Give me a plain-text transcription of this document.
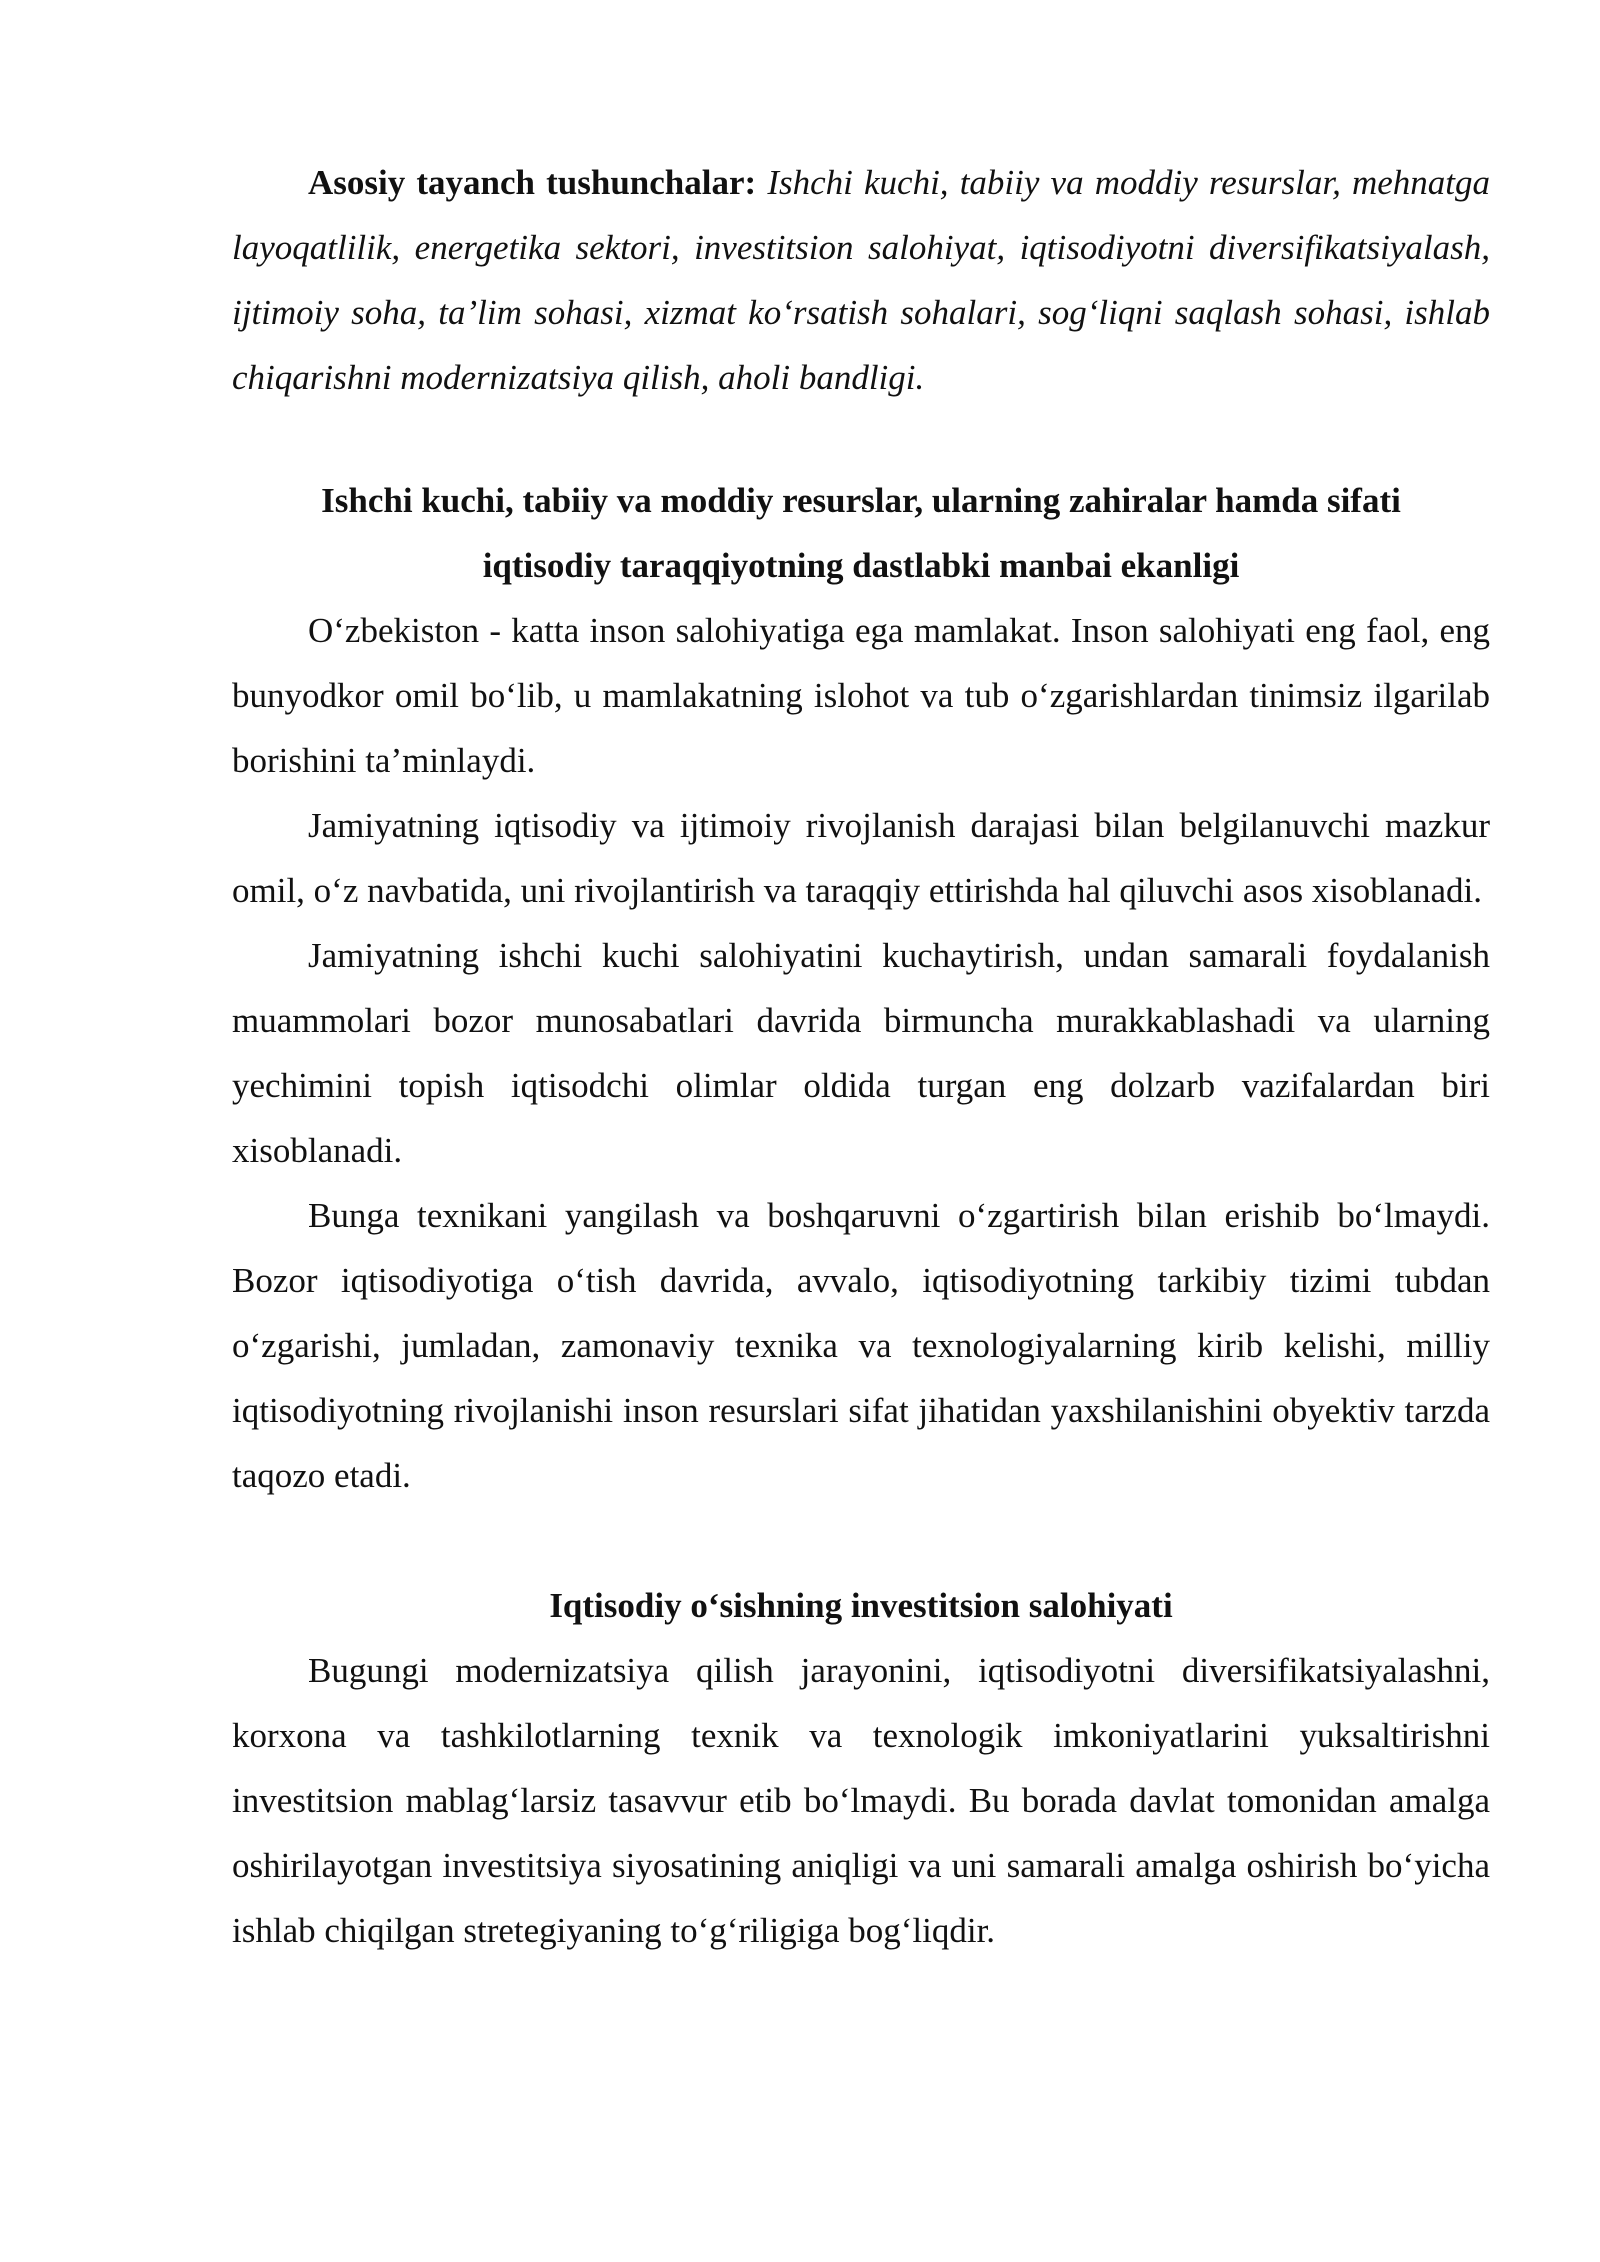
Asosiy tayanch tushunchalar: Ishchi kuchi, tabiiy va moddiy resurslar, mehnatga layoqatlilik, energetika sektori, investitsion salohiyat, iqtisodiyotni diversifikatsiyalash, ijtimoiy soha, ta’lim sohasi, xizmat ko‘rsatish sohalari, sog‘liqni saqlash sohasi, ishlab chiqarishni modernizatsiya qilish, aholi bandligi.

Ishchi kuchi, tabiiy va moddiy resurslar, ularning zahiralar hamda sifati
iqtisodiy taraqqiyotning dastlabki manbai ekanligi

O‘zbekiston - katta inson salohiyatiga ega mamlakat. Inson salohiyati eng faol, eng bunyodkor omil bo‘lib, u mamlakatning islohot va tub o‘zgarishlardan tinimsiz ilgarilab borishini ta’minlaydi.

Jamiyatning iqtisodiy va ijtimoiy rivojlanish darajasi bilan belgilanuvchi mazkur omil, o‘z navbatida, uni rivojlantirish va taraqqiy ettirishda hal qiluvchi asos xisoblanadi.

Jamiyatning ishchi kuchi salohiyatini kuchaytirish, undan samarali foydalanish muammolari bozor munosabatlari davrida birmuncha murakkablashadi va ularning yechimini topish iqtisodchi olimlar oldida turgan eng dolzarb vazifalardan biri xisoblanadi.

Bunga texnikani yangilash va boshqaruvni o‘zgartirish bilan erishib bo‘lmaydi. Bozor iqtisodiyotiga o‘tish davrida, avvalo, iqtisodiyotning tarkibiy tizimi tubdan o‘zgarishi, jumladan, zamonaviy texnika va texnologiyalarning kirib kelishi, milliy iqtisodiyotning rivojlanishi inson resurslari sifat jihatidan yaxshilanishini obyektiv tarzda taqozo etadi.

Iqtisodiy o‘sishning investitsion salohiyati

Bugungi modernizatsiya qilish jarayonini, iqtisodiyotni diversifikatsiyalashni, korxona va tashkilotlarning texnik va texnologik imkoniyatlarini yuksaltirishni investitsion mablag‘larsiz tasavvur etib bo‘lmaydi. Bu borada davlat tomonidan amalga oshirilayotgan investitsiya siyosatining aniqligi va uni samarali amalga oshirish bo‘yicha ishlab chiqilgan stretegiyaning to‘g‘riligiga bog‘liqdir.
